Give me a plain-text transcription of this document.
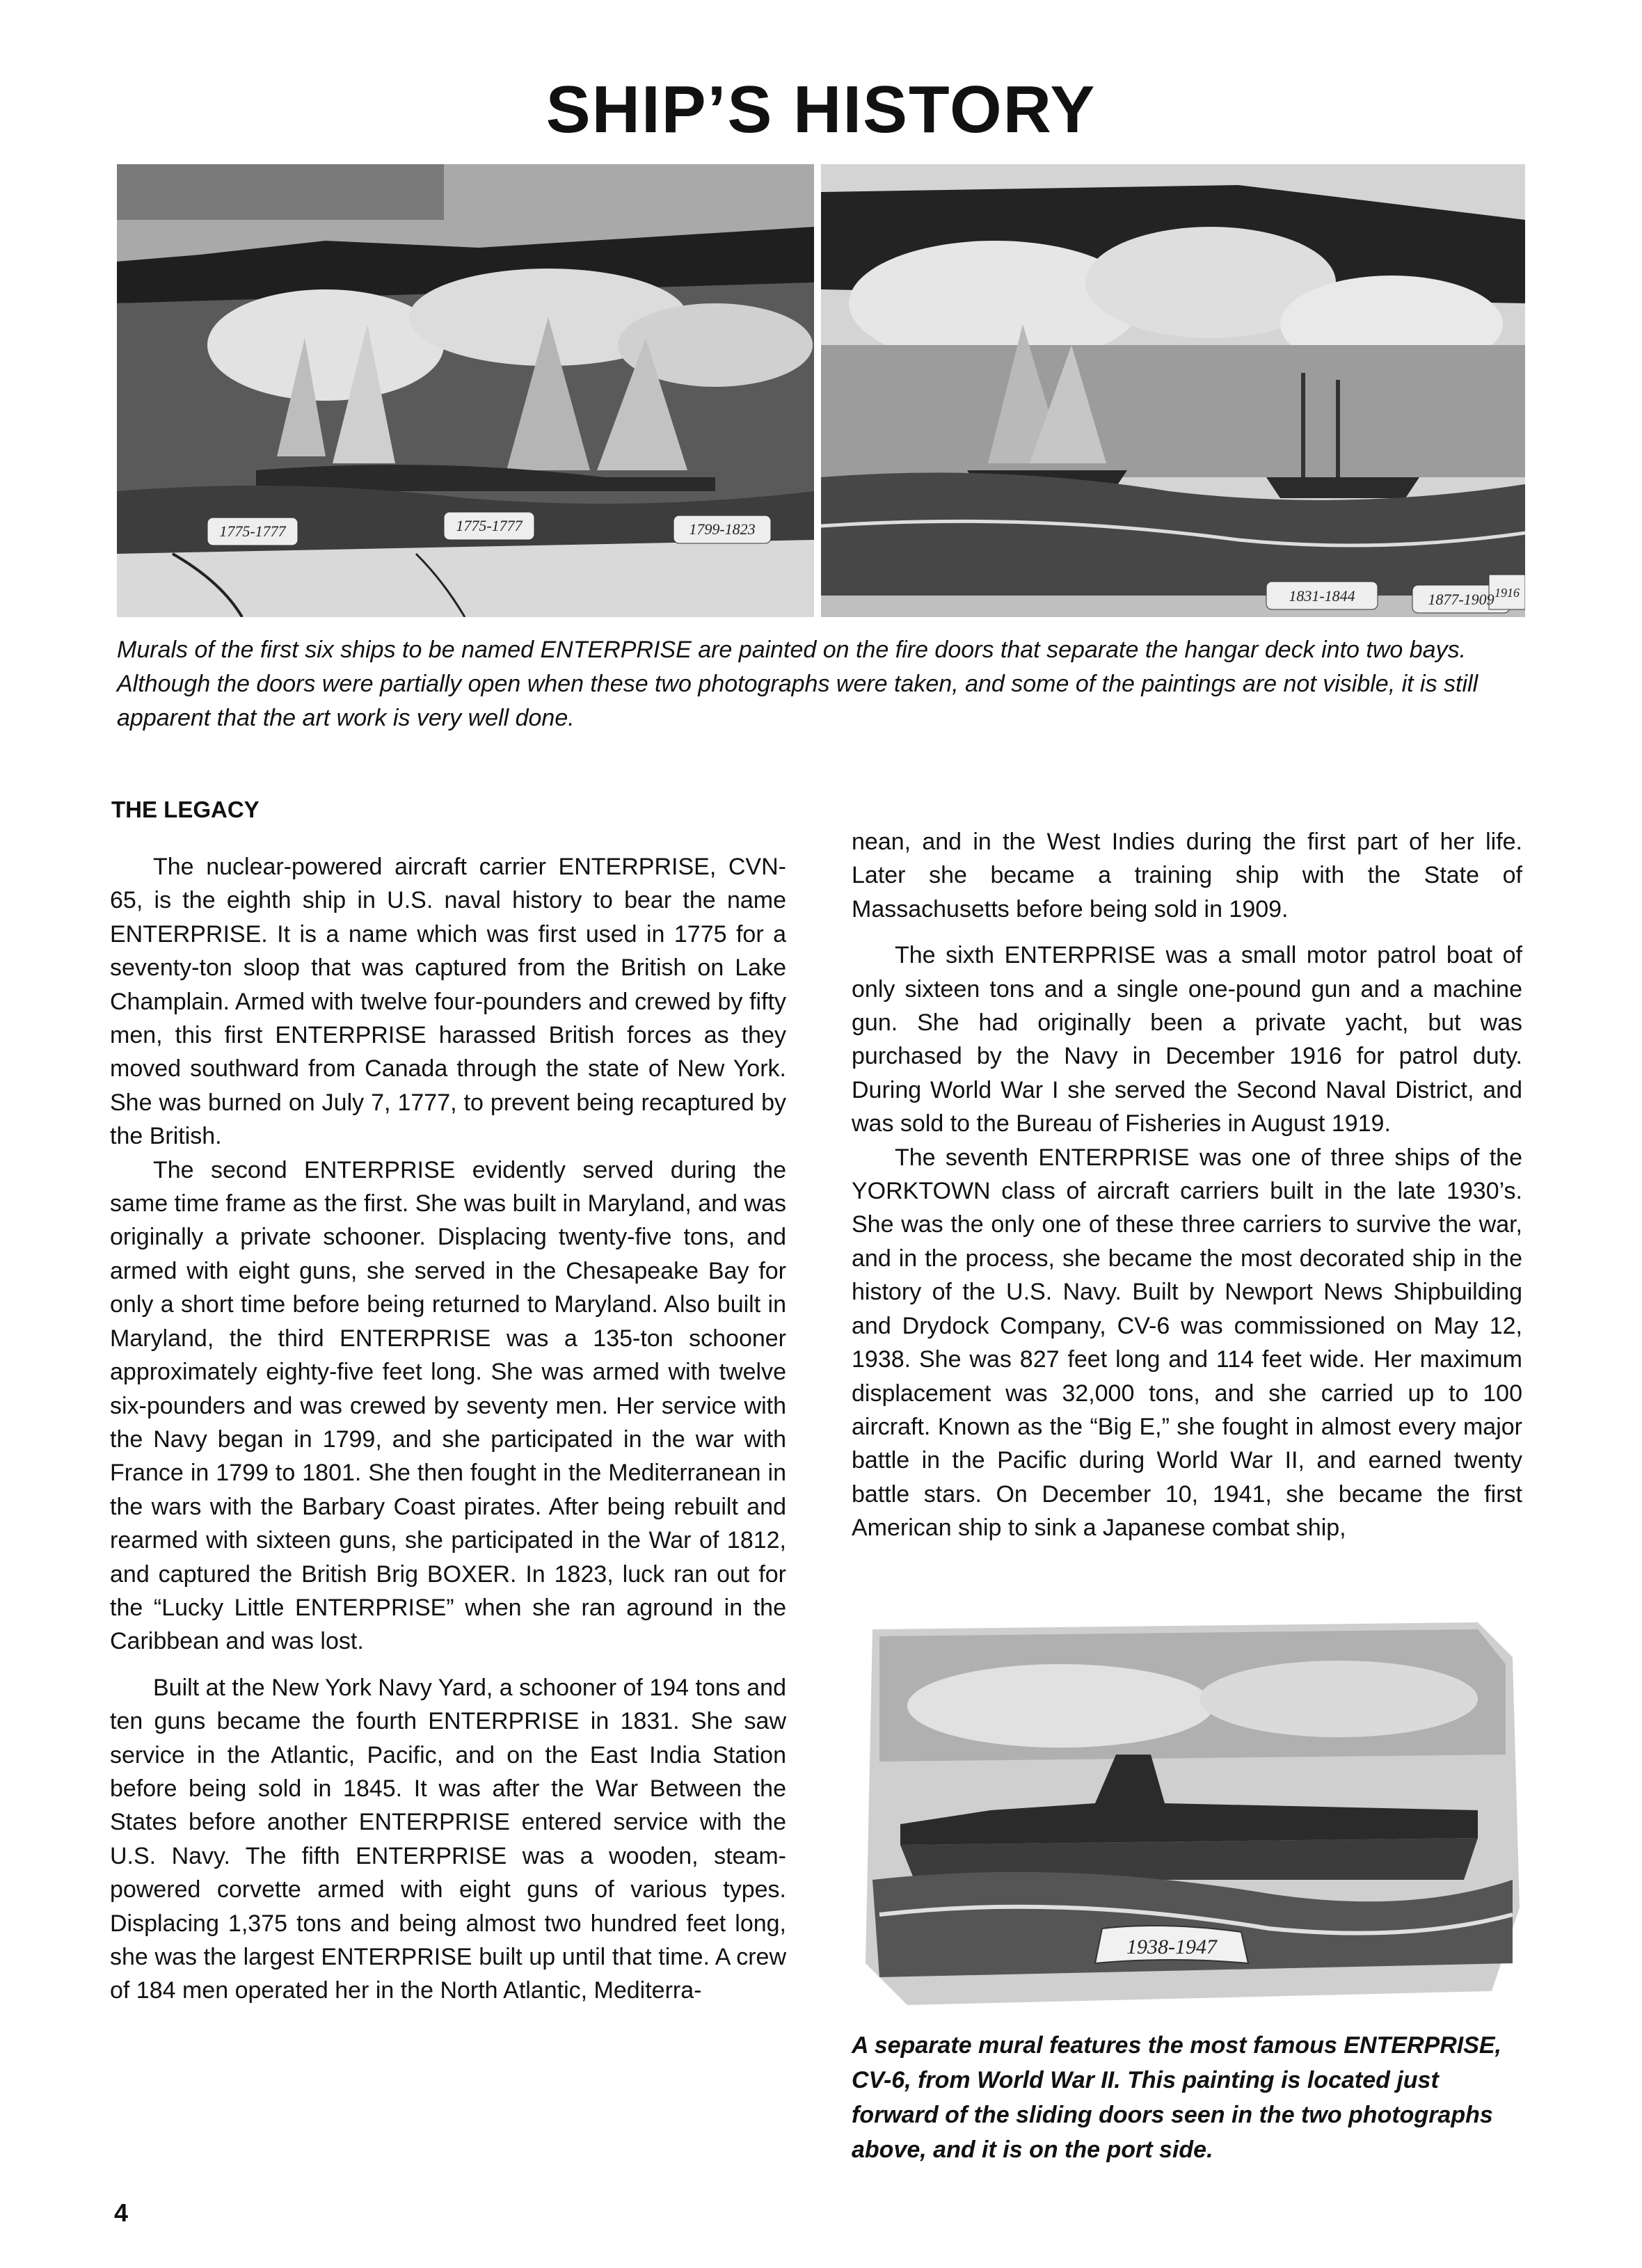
SHIP’S HISTORY
1775-1777	1775-1777	1799-1823
1831-1844	1877-1909 1916

Murals of the first six ships to be named ENTERPRISE are painted on the fire doors that separate the hangar deck into two bays. Although the doors were partially open when these two photographs were taken, and some of the paintings are not visible, it is still apparent that the art work is very well done.

THE LEGACY

The nuclear-powered aircraft carrier ENTERPRISE, CVN-65, is the eighth ship in U.S. naval history to bear the name ENTERPRISE. It is a name which was first used in 1775 for a seventy-ton sloop that was captured from the British on Lake Champlain. Armed with twelve four-pounders and crewed by fifty men, this first ENTERPRISE harassed British forces as they moved southward from Canada through the state of New York. She was burned on July 7, 1777, to prevent being recaptured by the British.

The second ENTERPRISE evidently served during the same time frame as the first. She was built in Maryland, and was originally a private schooner. Displacing twenty-five tons, and armed with eight guns, she served in the Chesapeake Bay for only a short time before being returned to Maryland. Also built in Maryland, the third ENTERPRISE was a 135-ton schooner approximately eighty-five feet long. She was armed with twelve six-pounders and was crewed by seventy men. Her service with the Navy began in 1799, and she participated in the war with France in 1799 to 1801. She then fought in the Mediterranean in the wars with the Barbary Coast pirates. After being rebuilt and rearmed with sixteen guns, she participated in the War of 1812, and captured the British Brig BOXER. In 1823, luck ran out for the “Lucky Little ENTERPRISE” when she ran aground in the Caribbean and was lost.

Built at the New York Navy Yard, a schooner of 194 tons and ten guns became the fourth ENTERPRISE in 1831. She saw service in the Atlantic, Pacific, and on the East India Station before being sold in 1845. It was after the War Between the States before another ENTERPRISE entered service with the U.S. Navy. The fifth ENTERPRISE was a wooden, steam-powered corvette armed with eight guns of various types. Displacing 1,375 tons and being almost two hundred feet long, she was the largest ENTERPRISE built up until that time. A crew of 184 men operated her in the North Atlantic, Mediterra-

nean, and in the West Indies during the first part of her life. Later she became a training ship with the State of Massachusetts before being sold in 1909.

The sixth ENTERPRISE was a small motor patrol boat of only sixteen tons and a single one-pound gun and a machine gun. She had originally been a private yacht, but was purchased by the Navy in December 1916 for patrol duty. During World War I she served the Second Naval District, and was sold to the Bureau of Fisheries in August 1919.

The seventh ENTERPRISE was one of three ships of the YORKTOWN class of aircraft carriers built in the late 1930’s. She was the only one of these three carriers to survive the war, and in the process, she became the most decorated ship in the history of the U.S. Navy. Built by Newport News Shipbuilding and Drydock Company, CV-6 was commissioned on May 12, 1938. She was 827 feet long and 114 feet wide. Her maximum displacement was 32,000 tons, and she carried up to 100 aircraft. Known as the “Big E,” she fought in almost every major battle in the Pacific during World War II, and earned twenty battle stars. On December 10, 1941, she became the first American ship to sink a Japanese combat ship,

1938-1947

A separate mural features the most famous ENTERPRISE, CV-6, from World War II. This painting is located just forward of the sliding doors seen in the two photographs above, and it is on the port side.

4
